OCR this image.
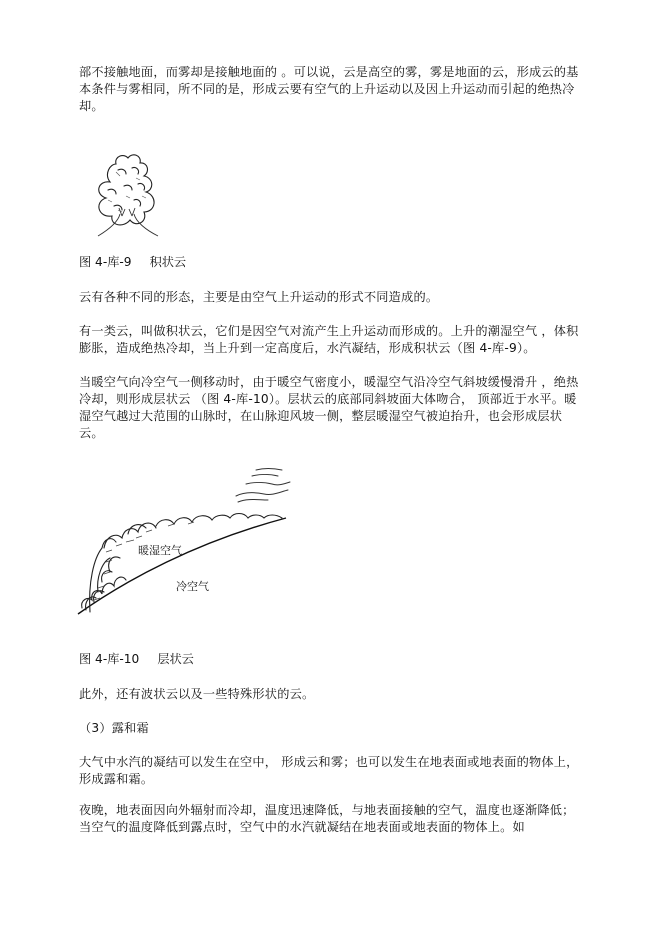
部不接触地面，而雾却是接触地面的 。可以说，云是高空的雾，雾是地面的云，形成云的基本条件与雾相同，所不同的是，形成云要有空气的上升运动以及因上升运动而引起的绝热冷却。

图 4-库-9 积状云

云有各种不同的形态，主要是由空气上升运动的形式不同造成的。

有一类云，叫做积状云，它们是因空气对流产生上升运动而形成的。上升的潮湿空气 ，体积膨胀，造成绝热冷却，当上升到一定高度后，水汽凝结，形成积状云（图 4-库-9）。

当暖空气向冷空气一侧移动时，由于暖空气密度小，暖湿空气沿冷空气斜坡缓慢滑升 ，绝热冷却，则形成层状云 （图 4-库-10）。层状云的底部同斜坡面大体吻合， 顶部近于水平。暖湿空气越过大范围的山脉时，在山脉迎风坡一侧，整层暖湿空气被迫抬升，也会形成层状云。

暖湿空气
冷空气

图 4-库-10 层状云

此外，还有波状云以及一些特殊形状的云。

（3）露和霜

大气中水汽的凝结可以发生在空中， 形成云和雾；也可以发生在地表面或地表面的物体上，形成露和霜。

夜晚，地表面因向外辐射而冷却，温度迅速降低，与地表面接触的空气，温度也逐渐降低；当空气的温度降低到露点时，空气中的水汽就凝结在地表面或地表面的物体上。如
